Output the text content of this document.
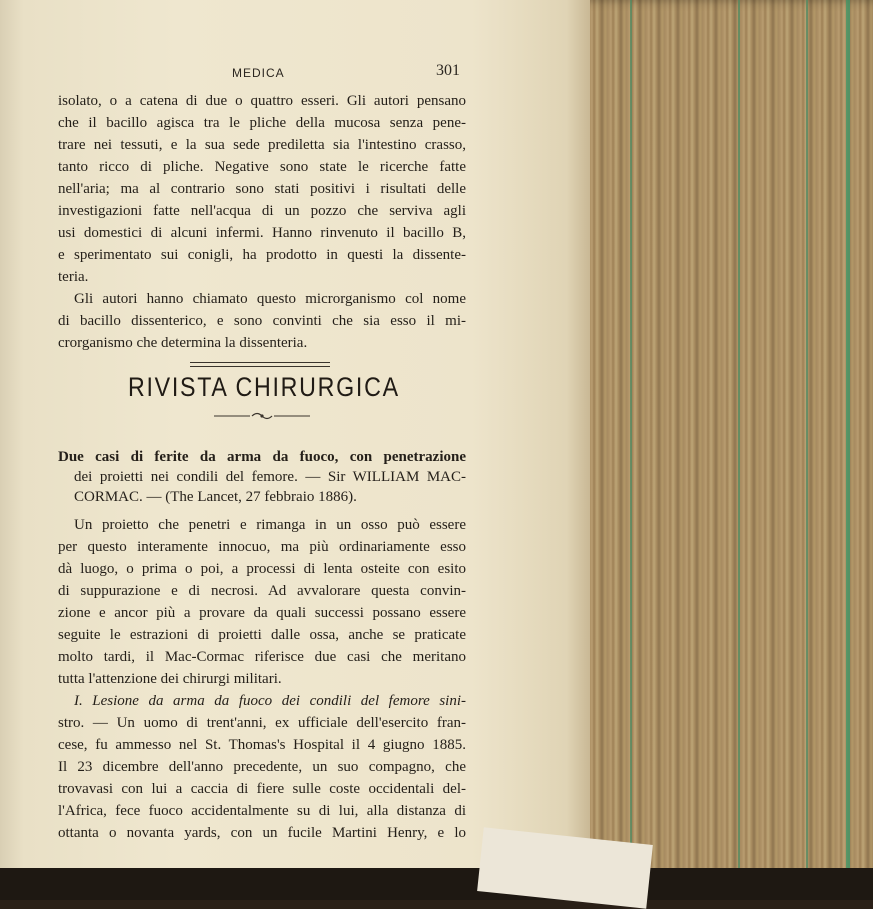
MEDICA	301
isolato, o a catena di due o quattro esseri. Gli autori pensano
che il bacillo agisca tra le pliche della mucosa senza pene-
trare nei tessuti, e la sua sede prediletta sia l'intestino crasso,
tanto ricco di pliche. Negative sono state le ricerche fatte
nell'aria; ma al contrario sono stati positivi i risultati delle
investigazioni fatte nell'acqua di un pozzo che serviva agli
usi domestici di alcuni infermi. Hanno rinvenuto il bacillo B,
e sperimentato sui conigli, ha prodotto in questi la dissente-
teria.
Gli autori hanno chiamato questo microrganismo col nome
di bacillo dissenterico, e sono convinti che sia esso il mi-
crorganismo che determina la dissenteria.
RIVISTA CHIRURGICA
Due casi di ferite da arma da fuoco, con penetrazione
dei proietti nei condili del femore. — Sir WILLIAM MAC-
CORMAC. — (The Lancet, 27 febbraio 1886).
Un proietto che penetri e rimanga in un osso può essere
per questo interamente innocuo, ma più ordinariamente esso
dà luogo, o prima o poi, a processi di lenta osteite con esito
di suppurazione e di necrosi. Ad avvalorare questa convin-
zione e ancor più a provare da quali successi possano essere
seguite le estrazioni di proietti dalle ossa, anche se praticate
molto tardi, il Mac-Cormac riferisce due casi che meritano
tutta l'attenzione dei chirurgi militari.
I. Lesione da arma da fuoco dei condili del femore sini-
stro. — Un uomo di trent'anni, ex ufficiale dell'esercito fran-
cese, fu ammesso nel St. Thomas's Hospital il 4 giugno 1885.
Il 23 dicembre dell'anno precedente, un suo compagno, che
trovavasi con lui a caccia di fiere sulle coste occidentali del-
l'Africa, fece fuoco accidentalmente su di lui, alla distanza di
ottanta o novanta yards, con un fucile Martini Henry, e lo
